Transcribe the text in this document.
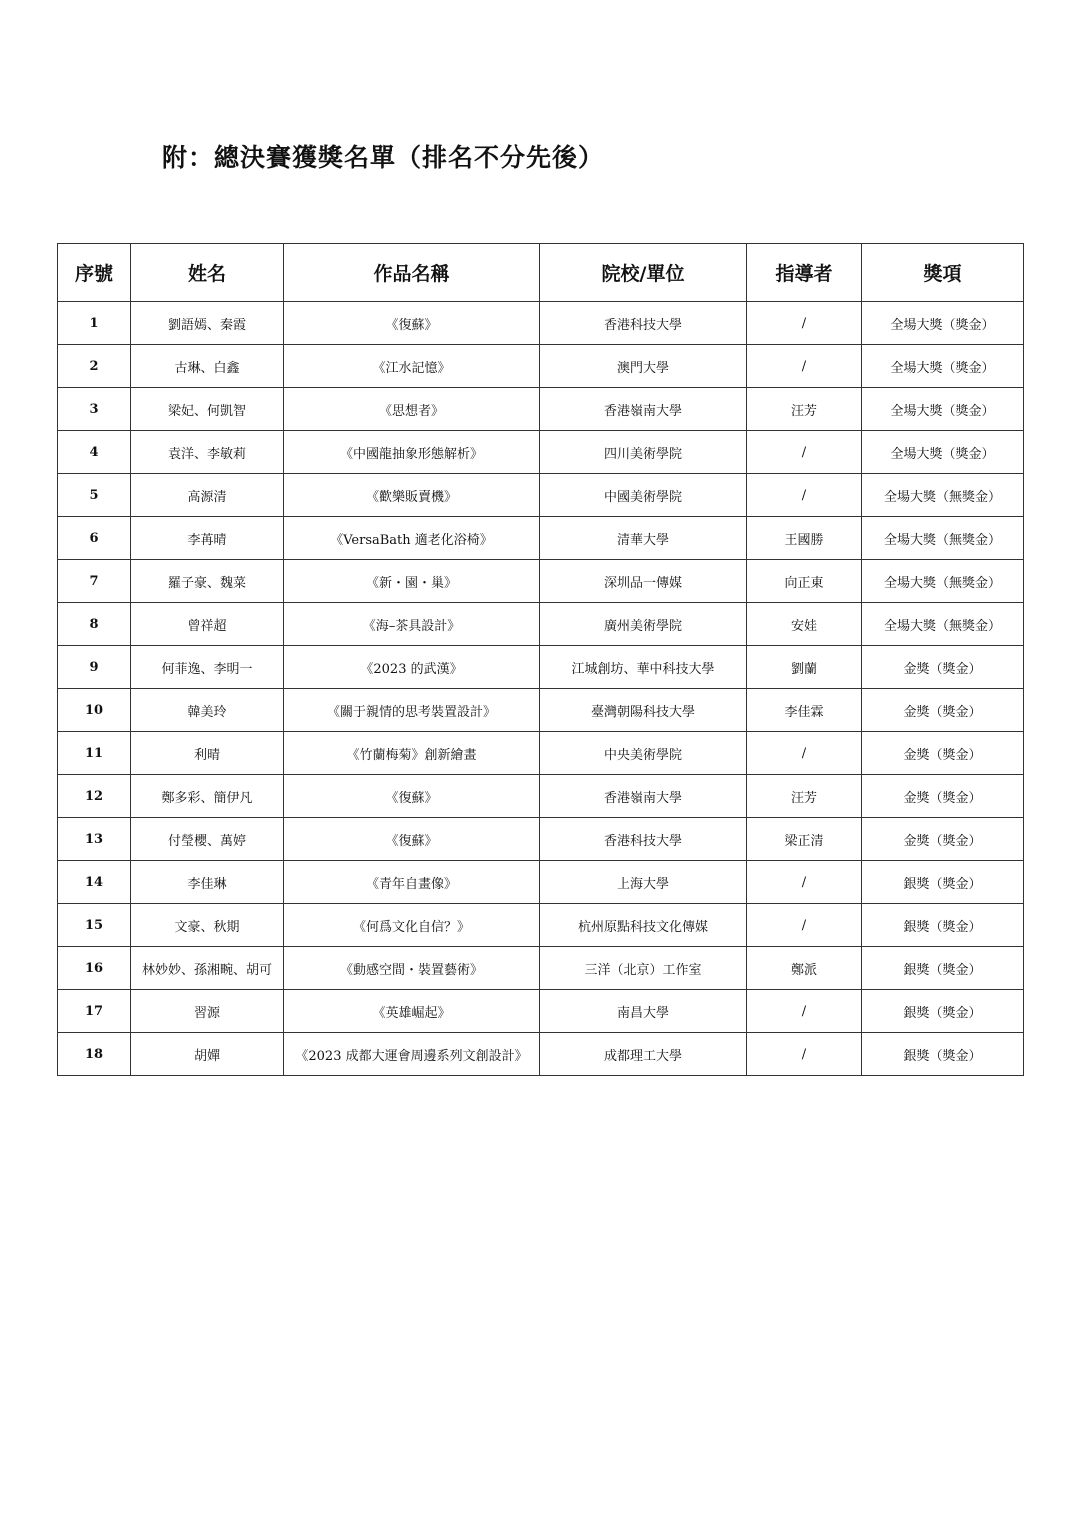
附：總決賽獲獎名單（排名不分先後）
序號	姓名	作品名稱	院校/單位	指導者	獎項
1	劉語嫣、秦霞	《復蘇》	香港科技大學	/	全場大獎（獎金）
2	古琳、白鑫	《江水記憶》	澳門大學	/	全場大獎（獎金）
3	梁妃、何凱智	《思想者》	香港嶺南大學	汪芳	全場大獎（獎金）
4	袁洋、李敏莉	《中國龍抽象形態解析》	四川美術學院	/	全場大獎（獎金）
5	高源清	《歡樂販賣機》	中國美術學院	/	全場大獎（無獎金）
6	李苒晴	《VersaBath 適老化浴椅》	清華大學	王國勝	全場大獎（無獎金）
7	羅子豪、魏菜	《新・園・巢》	深圳品一傳媒	向正東	全場大獎（無獎金）
8	曾祥超	《海–茶具設計》	廣州美術學院	安娃	全場大獎（無獎金）
9	何菲逸、李明一	《2023 的武漢》	江城創坊、華中科技大學	劉蘭	金獎（獎金）
10	韓美玲	《關于親情的思考裝置設計》	臺灣朝陽科技大學	李佳霖	金獎（獎金）
11	利晴	《竹蘭梅菊》創新繪畫	中央美術學院	/	金獎（獎金）
12	鄭多彩、簡伊凡	《復蘇》	香港嶺南大學	汪芳	金獎（獎金）
13	付瑩櫻、萬婷	《復蘇》	香港科技大學	梁正清	金獎（獎金）
14	李佳琳	《青年自畫像》	上海大學	/	銀獎（獎金）
15	文豪、秋期	《何爲文化自信？》	杭州原點科技文化傳媒	/	銀獎（獎金）
16	林妙妙、孫湘畹、胡可	《動感空間・裝置藝術》	三洋（北京）工作室	鄭派	銀獎（獎金）
17	習源	《英雄崛起》	南昌大學	/	銀獎（獎金）
18	胡嬋	《2023 成都大運會周邊系列文創設計》	成都理工大學	/	銀獎（獎金）
